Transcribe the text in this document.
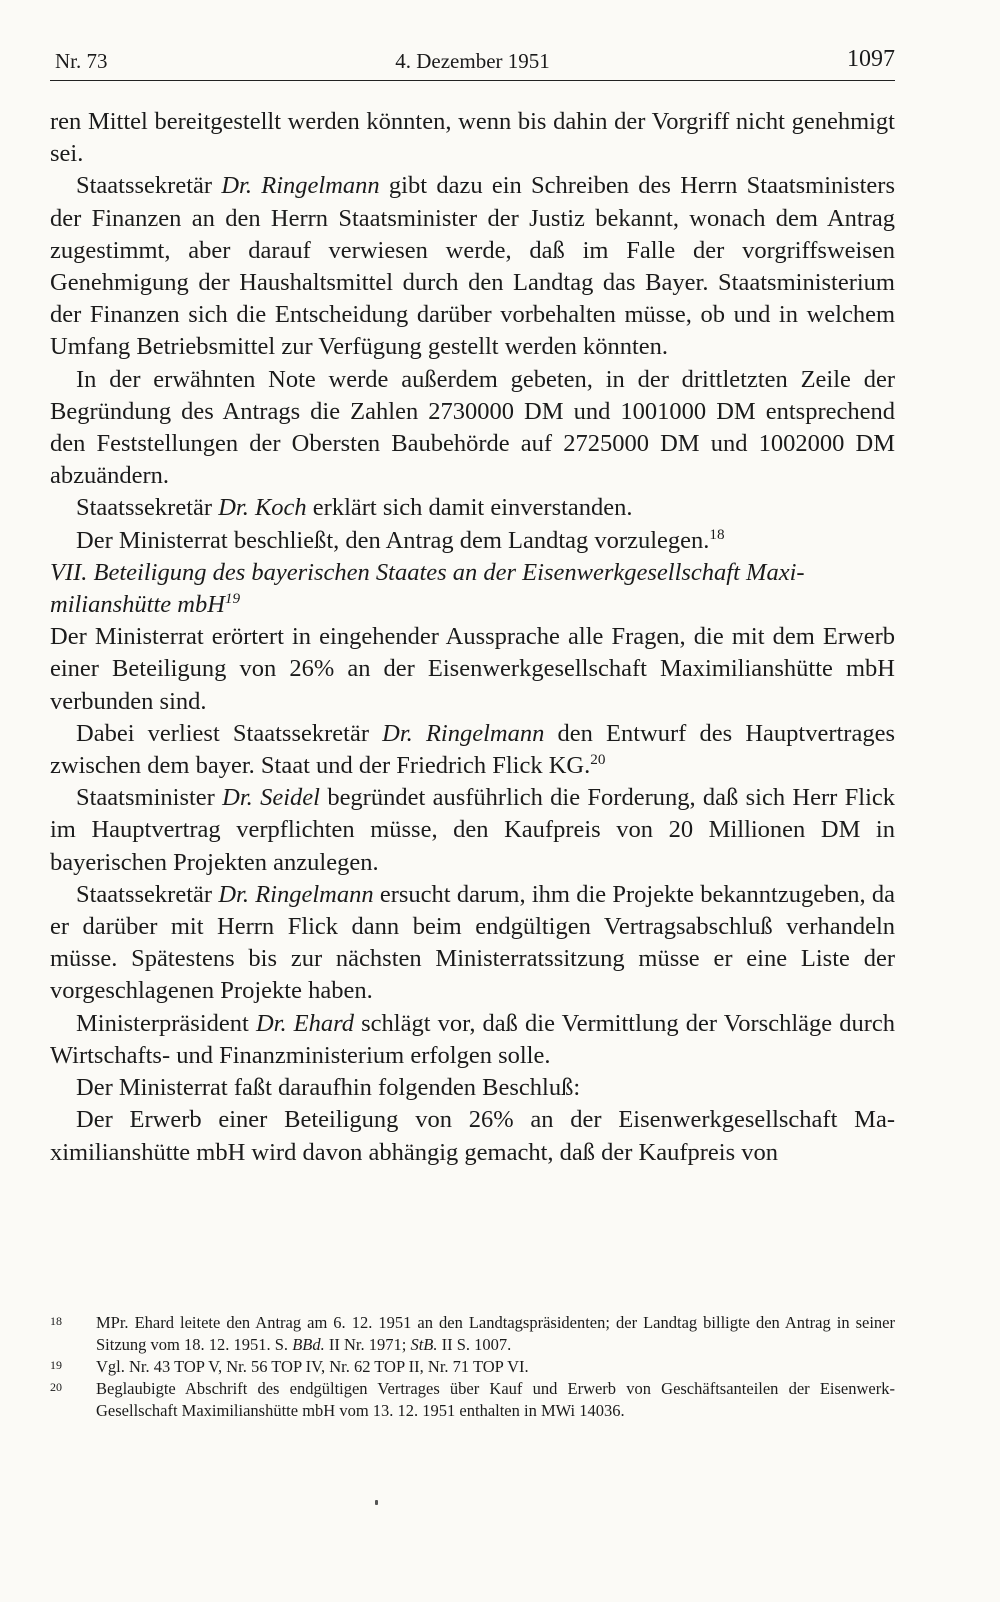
Nr. 73	4. Dezember 1951	1097

ren Mittel bereitgestellt werden könnten, wenn bis dahin der Vorgriff nicht genehmigt sei.

Staatssekretär Dr. Ringelmann gibt dazu ein Schreiben des Herrn Staatsministers der Finanzen an den Herrn Staatsminister der Justiz bekannt, wonach dem Antrag zugestimmt, aber darauf verwiesen werde, daß im Falle der vorgriffsweisen Genehmigung der Haushaltsmittel durch den Landtag das Bayer. Staatsministerium der Finanzen sich die Entscheidung darüber vorbehalten müsse, ob und in welchem Umfang Betriebsmittel zur Verfügung gestellt werden könnten.

In der erwähnten Note werde außerdem gebeten, in der drittletzten Zeile der Begründung des Antrags die Zahlen 2730000 DM und 1001000 DM entsprechend den Feststellungen der Obersten Baubehörde auf 2725000 DM und 1002000 DM abzuändern.

Staatssekretär Dr. Koch erklärt sich damit einverstanden.

Der Ministerrat beschließt, den Antrag dem Landtag vorzulegen.$^{18}$

VII. Beteiligung des bayerischen Staates an der Eisenwerkgesellschaft Maximilianshütte mbH$^{19}$

Der Ministerrat erörtert in eingehender Aussprache alle Fragen, die mit dem Erwerb einer Beteiligung von 26% an der Eisenwerkgesellschaft Maximilianshütte mbH verbunden sind.

Dabei verliest Staatssekretär Dr. Ringelmann den Entwurf des Hauptvertrages zwischen dem bayer. Staat und der Friedrich Flick KG.$^{20}$

Staatsminister Dr. Seidel begründet ausführlich die Forderung, daß sich Herr Flick im Hauptvertrag verpflichten müsse, den Kaufpreis von 20 Millionen DM in bayerischen Projekten anzulegen.

Staatssekretär Dr. Ringelmann ersucht darum, ihm die Projekte bekanntzugeben, da er darüber mit Herrn Flick dann beim endgültigen Vertragsabschluß verhandeln müsse. Spätestens bis zur nächsten Ministerratssitzung müsse er eine Liste der vorgeschlagenen Projekte haben.

Ministerpräsident Dr. Ehard schlägt vor, daß die Vermittlung der Vorschläge durch Wirtschafts- und Finanzministerium erfolgen solle.

Der Ministerrat faßt daraufhin folgenden Beschluß:

Der Erwerb einer Beteiligung von 26% an der Eisenwerkgesellschaft Maximilianshütte mbH wird davon abhängig gemacht, daß der Kaufpreis von

18 MPr. Ehard leitete den Antrag am 6. 12. 1951 an den Landtagspräsidenten; der Landtag billigte den Antrag in seiner Sitzung vom 18. 12. 1951. S. BBd. II Nr. 1971; StB. II S. 1007.

19 Vgl. Nr. 43 TOP V, Nr. 56 TOP IV, Nr. 62 TOP II, Nr. 71 TOP VI.

20 Beglaubigte Abschrift des endgültigen Vertrages über Kauf und Erwerb von Geschäftsanteilen der Eisenwerk-Gesellschaft Maximilianshütte mbH vom 13. 12. 1951 enthalten in MWi 14036.
